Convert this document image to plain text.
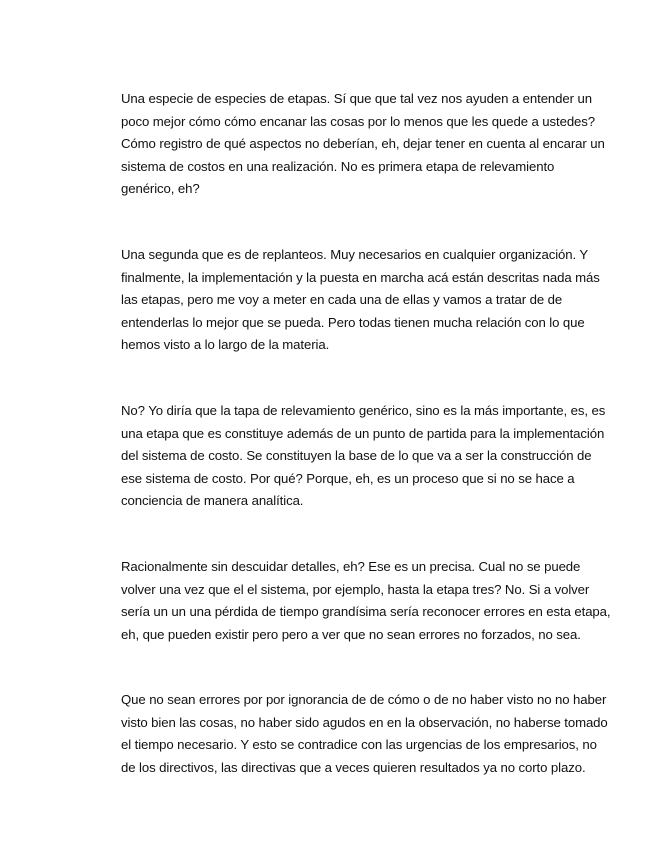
Una especie de especies de etapas. Sí que que tal vez nos ayuden a entender un poco mejor cómo cómo encanar las cosas por lo menos que les quede a ustedes? Cómo registro de qué aspectos no deberían, eh, dejar tener en cuenta al encarar un sistema de costos en una realización. No es primera etapa de relevamiento genérico, eh?

Una segunda que es de replanteos. Muy necesarios en cualquier organización. Y finalmente, la implementación y la puesta en marcha acá están descritas nada más las etapas, pero me voy a meter en cada una de ellas y vamos a tratar de de entenderlas lo mejor que se pueda. Pero todas tienen mucha relación con lo que hemos visto a lo largo de la materia.

No? Yo diría que la tapa de relevamiento genérico, sino es la más importante, es, es una etapa que es constituye además de un punto de partida para la implementación del sistema de costo. Se constituyen la base de lo que va a ser la construcción de ese sistema de costo. Por qué? Porque, eh, es un proceso que si no se hace a conciencia de manera analítica.

Racionalmente sin descuidar detalles, eh? Ese es un precisa. Cual no se puede volver una vez que el el sistema, por ejemplo, hasta la etapa tres? No. Si a volver sería un un una pérdida de tiempo grandísima sería reconocer errores en esta etapa, eh, que pueden existir pero pero a ver que no sean errores no forzados, no sea.

Que no sean errores por por ignorancia de de cómo o de no haber visto no no haber visto bien las cosas, no haber sido agudos en en la observación, no haberse tomado el tiempo necesario. Y esto se contradice con las urgencias de los empresarios, no de los directivos, las directivas que a veces quieren resultados ya no corto plazo.
